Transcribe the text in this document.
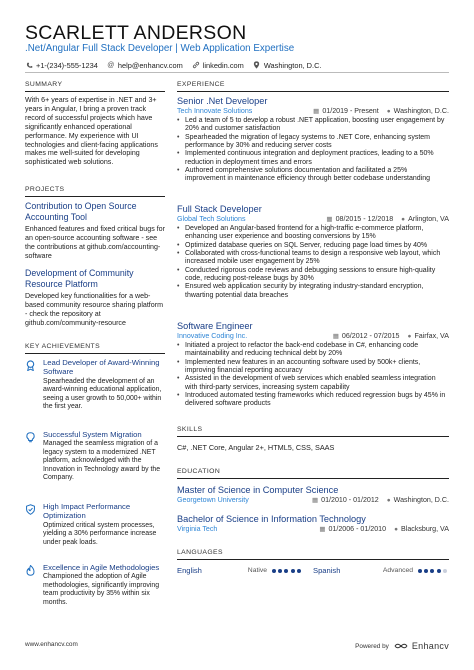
SCARLETT ANDERSON
.Net/Angular Full Stack Developer | Web Application Expertise
+1-(234)-555-1234 @ help@enhancv.com	linkedin.com	Washington, D.C.
SUMMARY
With 6+ years of expertise in .NET and 3+ years in Angular, I bring a proven track record of successful projects which have significantly enhanced operational performance. My experience with UI technologies and client-facing applications makes me well-suited for developing sophisticated web solutions.
PROJECTS
Contribution to Open Source Accounting Tool
Enhanced features and fixed critical bugs for an open-source accounting software - see the contributions at github.com/accounting-software
Development of Community Resource Platform
Developed key functionalities for a web-based community resource sharing platform - check the repository at github.com/community-resource
KEY ACHIEVEMENTS
Lead Developer of Award-Winning Software
Spearheaded the development of an award-winning educational application, seeing a user growth to 50,000+ within the first year.
Successful System Migration
Managed the seamless migration of a legacy system to a modernized .NET platform, acknowledged with the Innovation in Technology award by the Company.
High Impact Performance Optimization
Optimized critical system processes, yielding a 30% performance increase under peak loads.
Excellence in Agile Methodologies
Championed the adoption of Agile methodologies, significantly improving team productivity by 35% within six months.
EXPERIENCE
Senior .Net Developer
Tech Innovate Solutions	▦ 01/2019 - Present ● Washington, D.C.
• Led a team of 5 to develop a robust .NET application, boosting user engagement by 20% and customer satisfaction
• Spearheaded the migration of legacy systems to .NET Core, enhancing system performance by 30% and reducing server costs
• Implemented continuous integration and deployment practices, leading to a 50% reduction in deployment times and errors
• Authored comprehensive solutions documentation and facilitated a 25% improvement in maintenance efficiency through better codebase understanding
Full Stack Developer
Global Tech Solutions	▦ 08/2015 - 12/2018 ● Arlington, VA
• Developed an Angular-based frontend for a high-traffic e-commerce platform, enhancing user experience and boosting conversions by 15%
• Optimized database queries on SQL Server, reducing page load times by 40%
• Collaborated with cross-functional teams to design a responsive web layout, which increased mobile user engagement by 25%
• Conducted rigorous code reviews and debugging sessions to ensure high-quality code, reducing post-release bugs by 30%
• Ensured web application security by integrating industry-standard encryption, thwarting potential data breaches
Software Engineer
Innovative Coding Inc.	▦ 06/2012 - 07/2015 ● Fairfax, VA
• Initiated a project to refactor the back-end codebase in C#, enhancing code maintainability and reducing technical debt by 20%
• Implemented new features in an accounting software used by 500k+ clients, improving financial reporting accuracy
• Assisted in the development of web services which enabled seamless integration with third-party services, increasing system capability
• Introduced automated testing frameworks which reduced regression bugs by 45% in delivered software products
SKILLS
C#, .NET Core, Angular 2+, HTML5, CSS, SAAS
EDUCATION
Master of Science in Computer Science
Georgetown University	▦ 01/2010 - 01/2012 ● Washington, D.C.
Bachelor of Science in Information Technology
Virginia Tech	▦ 01/2006 - 01/2010 ● Blacksburg, VA
LANGUAGES
English	Native	Spanish	Advanced
www.enhancv.com	Powered by	Enhancv
